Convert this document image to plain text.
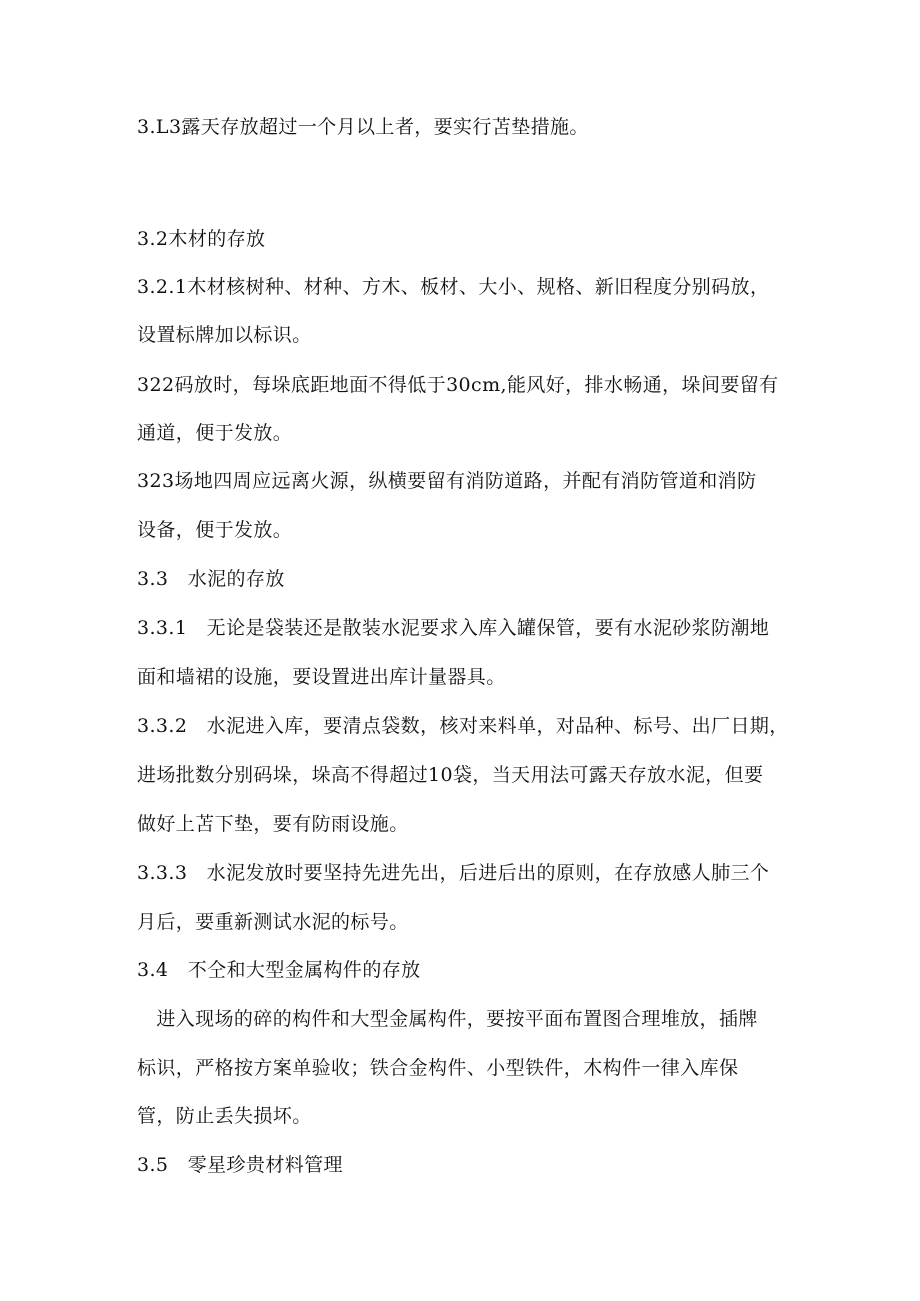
3.L3露天存放超过一个月以上者，要实行苫垫措施。
3.2木材的存放
3.2.1木材核树种、材种、方木、板材、大小、规格、新旧程度分别码放，
设置标牌加以标识。
322码放时，每垛底距地面不得低于30cm,能风好，排水畅通，垛间要留有
通道，便于发放。
323场地四周应远离火源，纵横要留有消防道路，并配有消防管道和消防
设备，便于发放。
3.3   水泥的存放
3.3.1   无论是袋装还是散装水泥要求入库入罐保管，要有水泥砂浆防潮地
面和墙裙的设施，要设置进出库计量器具。
3.3.2   水泥进入库，要清点袋数，核对来料单，对品种、标号、出厂日期，
进场批数分别码垛，垛高不得超过10袋，当天用法可露天存放水泥，但要
做好上苫下垫，要有防雨设施。
3.3.3   水泥发放时要坚持先进先出，后进后出的原则，在存放感人肺三个
月后，要重新测试水泥的标号。
3.4   不仝和大型金属构件的存放
进入现场的碎的构件和大型金属构件，要按平面布置图合理堆放，插牌
标识，严格按方案单验收；铁合金构件、小型铁件，木构件一律入库保
管，防止丢失损坏。
3.5   零星珍贵材料管理
